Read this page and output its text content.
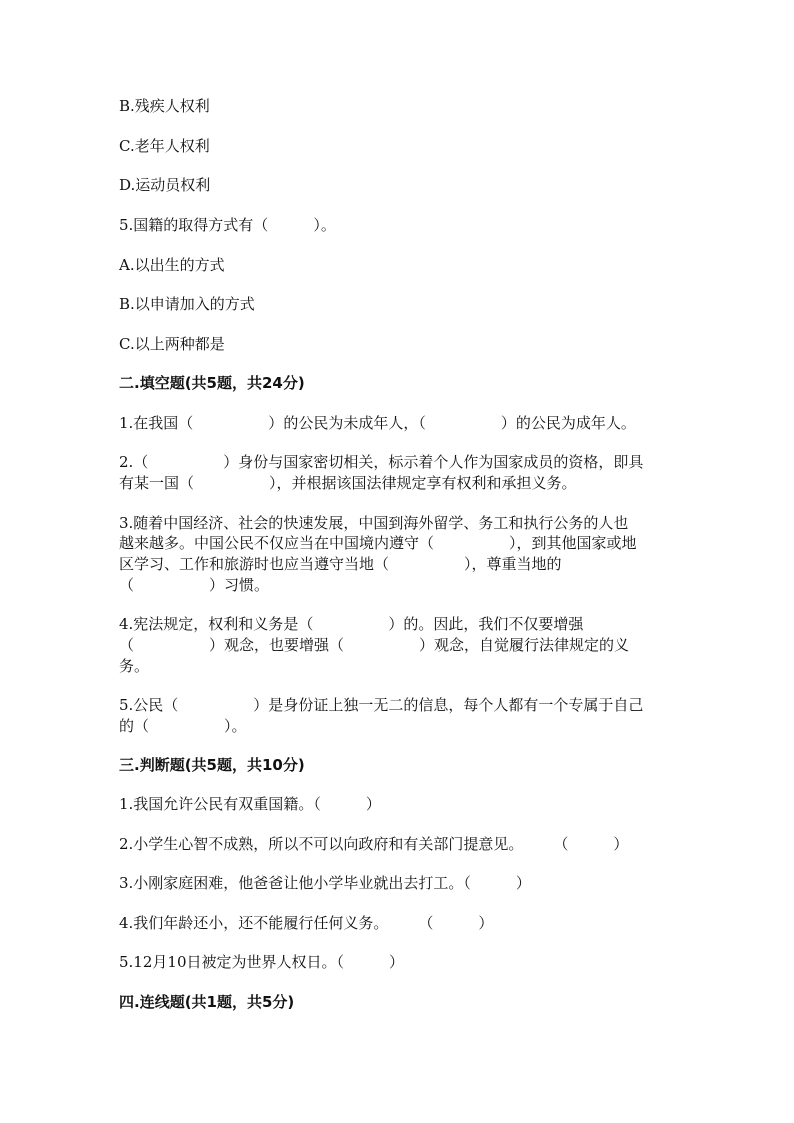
B.残疾人权利
C.老年人权利
D.运动员权利
5.国籍的取得方式有（　　　）。
A.以出生的方式
B.以申请加入的方式
C.以上两种都是
二.填空题(共5题，共24分)
1.在我国（　　　　　）的公民为未成年人，（　　　　　）的公民为成年人。
2.（　　　　　）身份与国家密切相关，标示着个人作为国家成员的资格，即具
有某一国（　　　　　），并根据该国法律规定享有权利和承担义务。
3.随着中国经济、社会的快速发展，中国到海外留学、务工和执行公务的人也
越来越多。中国公民不仅应当在中国境内遵守（　　　　　），到其他国家或地
区学习、工作和旅游时也应当遵守当地（　　　　　），尊重当地的
（　　　　　）习惯。
4.宪法规定，权利和义务是（　　　　　）的。因此，我们不仅要增强
（　　　　　）观念，也要增强（　　　　　）观念，自觉履行法律规定的义
务。
5.公民（　　　　　）是身份证上独一无二的信息，每个人都有一个专属于自己
的（　　　　　）。
三.判断题(共5题，共10分)
1.我国允许公民有双重国籍。（　　　）
2.小学生心智不成熟，所以不可以向政府和有关部门提意见。　　　（　　　）
3.小刚家庭困难，他爸爸让他小学毕业就出去打工。（　　　）
4.我们年龄还小，还不能履行任何义务。　　　（　　　）
5.12月10日被定为世界人权日。（　　　）
四.连线题(共1题，共5分)
